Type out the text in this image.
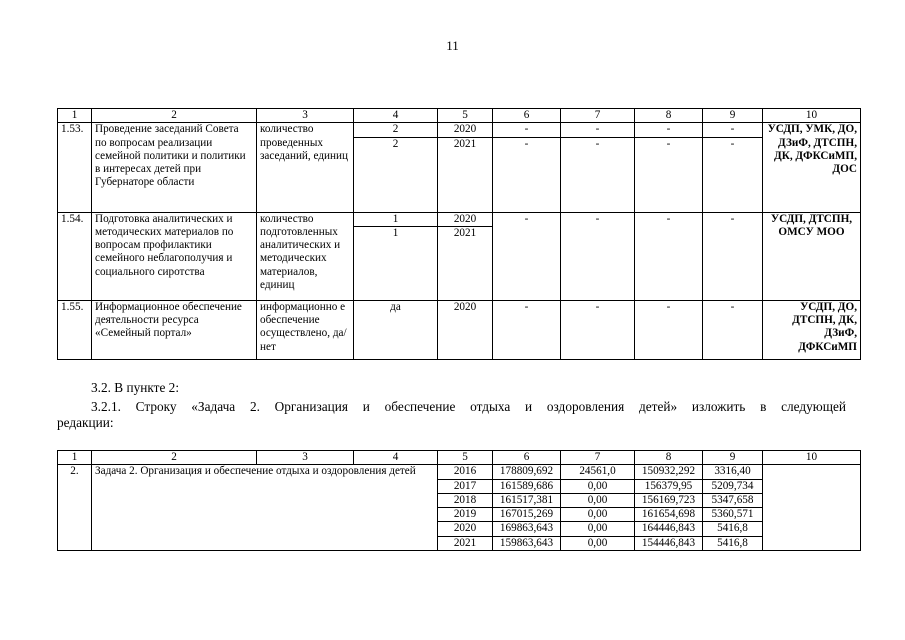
11
1	2	3	4	5	6	7	8	9	10
1.53.	Проведение заседаний Совета по вопросам реализации семейной политики и политики в интересах детей при Губернаторе области	количество проведенных заседаний, единиц	2	2020	-	-	-	-	УСДП, УМК, ДО, ДЗиФ, ДТСПН, ДК, ДФКСиМП, ДОС
			2	2021	-	-	-	-	
1.54.	Подготовка аналитических и методических материалов по вопросам профилактики семейного неблагополучия и социального сиротства	количество подготовленных аналитических и методических материалов, единиц	1	2020	-	-	-	-	УСДП, ДТСПН, ОМСУ МОО
			1	2021					
1.55.	Информационное обеспечение деятельности ресурса «Семейный портал»	информационно е обеспечение осуществлено, да/нет	да	2020	-	-	-	-	УСДП, ДО, ДТСПН, ДК, ДЗиФ, ДФКСиМП
3.2. В пункте 2:
3.2.1. Строку «Задача 2. Организация и обеспечение отдыха и оздоровления детей» изложить в следующей
редакции:
1	2	3	4	5	6	7	8	9	10
2.	Задача 2. Организация и обеспечение отдыха и оздоровления детей			2016	178809,692	24561,0	150932,292	3316,40	
				2017	161589,686	0,00	156379,95	5209,734	
				2018	161517,381	0,00	156169,723	5347,658	
				2019	167015,269	0,00	161654,698	5360,571	
				2020	169863,643	0,00	164446,843	5416,8	
				2021	159863,643	0,00	154446,843	5416,8	
